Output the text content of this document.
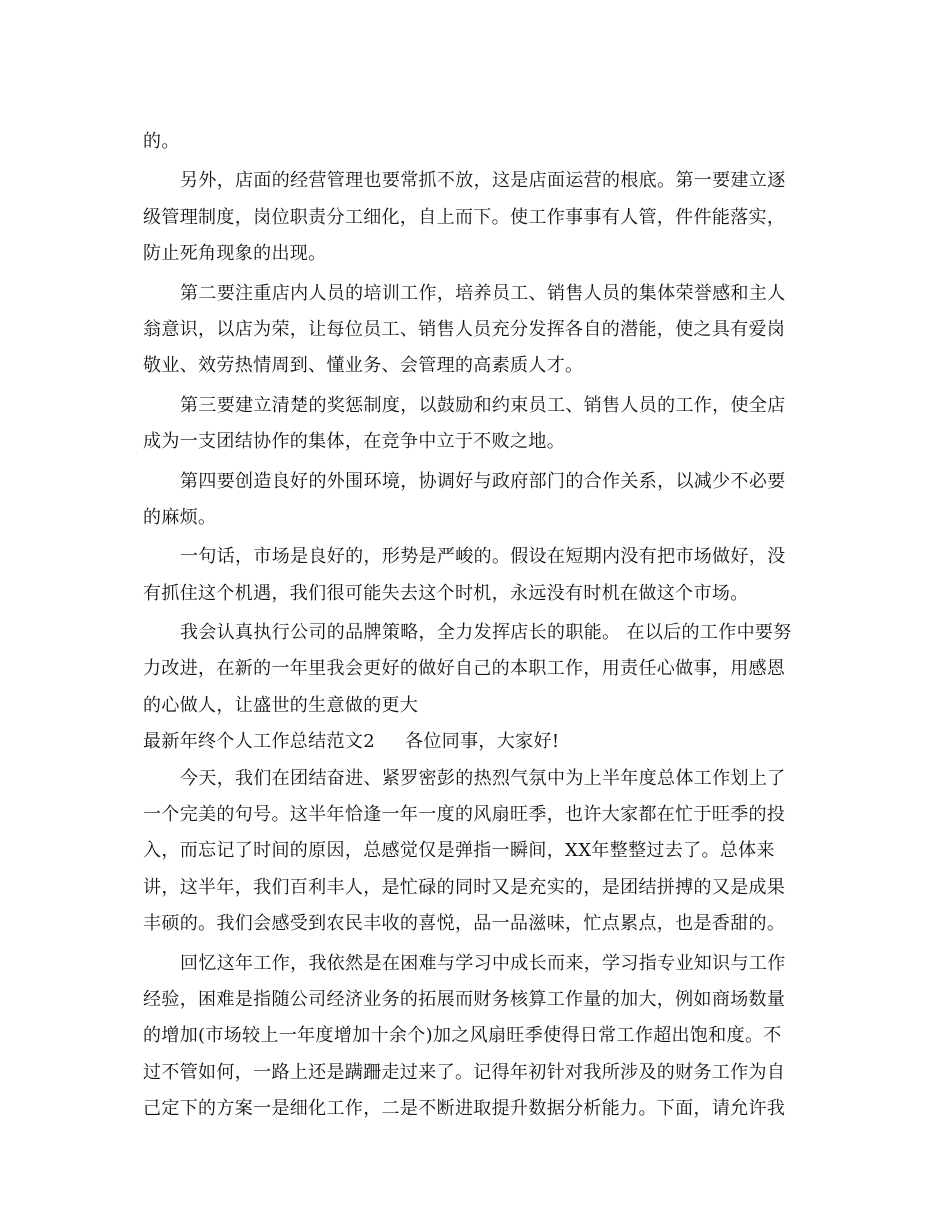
的。
另外，店面的经营管理也要常抓不放，这是店面运营的根底。第一要建立逐
级管理制度，岗位职责分工细化，自上而下。使工作事事有人管，件件能落实，
防止死角现象的出现。
第二要注重店内人员的培训工作，培养员工、销售人员的集体荣誉感和主人
翁意识，以店为荣，让每位员工、销售人员充分发挥各自的潜能，使之具有爱岗
敬业、效劳热情周到、懂业务、会管理的高素质人才。
第三要建立清楚的奖惩制度，以鼓励和约束员工、销售人员的工作，使全店
成为一支团结协作的集体，在竞争中立于不败之地。
第四要创造良好的外围环境，协调好与政府部门的合作关系，以减少不必要
的麻烦。
一句话，市场是良好的，形势是严峻的。假设在短期内没有把市场做好，没
有抓住这个机遇，我们很可能失去这个时机，永远没有时机在做这个市场。
我会认真执行公司的品牌策略，全力发挥店长的职能。 在以后的工作中要努
力改进，在新的一年里我会更好的做好自己的本职工作，用责任心做事，用感恩
的心做人，让盛世的生意做的更大
最新年终个人工作总结范文2	各位同事，大家好!
今天，我们在团结奋进、紧罗密彭的热烈气氛中为上半年度总体工作划上了
一个完美的句号。这半年恰逢一年一度的风扇旺季，也许大家都在忙于旺季的投
入，而忘记了时间的原因，总感觉仅是弹指一瞬间，XX年整整过去了。总体来
讲，这半年，我们百利丰人，是忙碌的同时又是充实的，是团结拼搏的又是成果
丰硕的。我们会感受到农民丰收的喜悦，品一品滋味，忙点累点，也是香甜的。
回忆这年工作，我依然是在困难与学习中成长而来，学习指专业知识与工作
经验，困难是指随公司经济业务的拓展而财务核算工作量的加大，例如商场数量
的增加(市场较上一年度增加十余个)加之风扇旺季使得日常工作超出饱和度。不
过不管如何，一路上还是蹒跚走过来了。记得年初针对我所涉及的财务工作为自
己定下的方案一是细化工作，二是不断进取提升数据分析能力。下面，请允许我
